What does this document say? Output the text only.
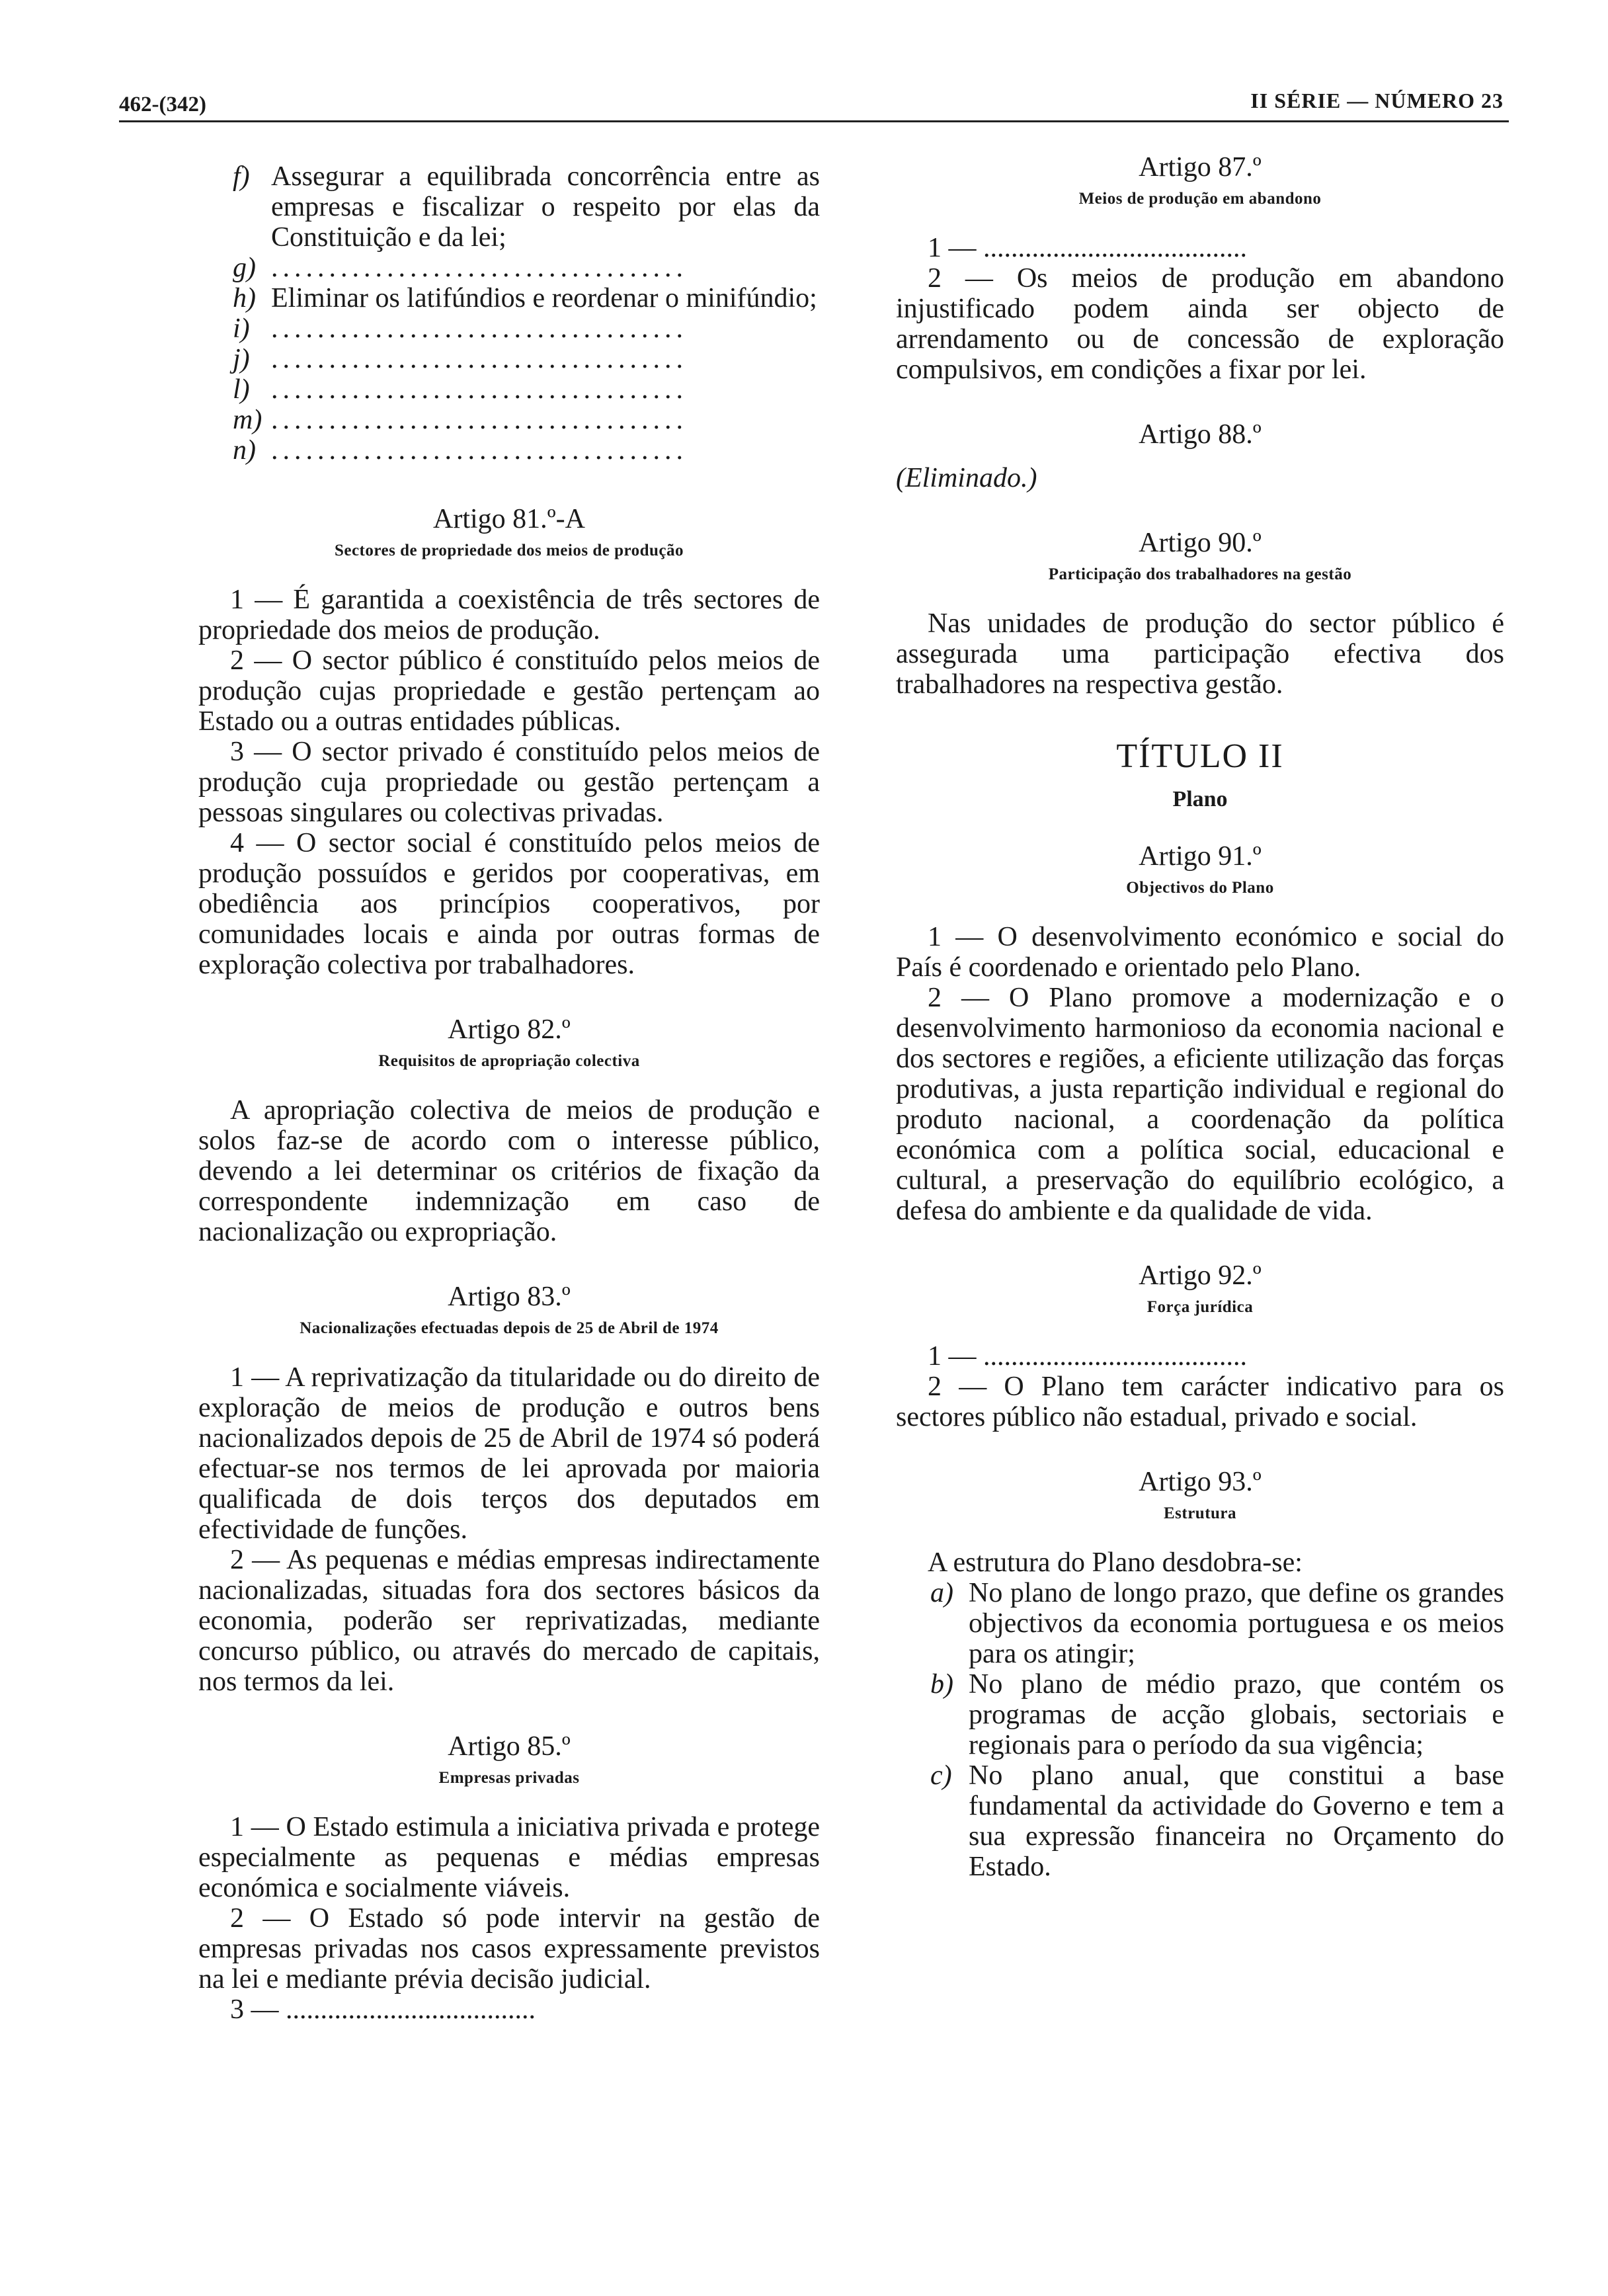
462-(342)	II SÉRIE — NÚMERO 23
f) Assegurar a equilibrada concorrência entre as empresas e fiscalizar o respeito por elas da Constituição e da lei;
g) ....................................
h) Eliminar os latifúndios e reordenar o minifúndio;
i) ....................................
j) ....................................
l) ....................................
m) ....................................
n) ....................................

Artigo 81.º-A

Sectores de propriedade dos meios de produção

1 — É garantida a coexistência de três sectores de propriedade dos meios de produção.

2 — O sector público é constituído pelos meios de produção cujas propriedade e gestão pertençam ao Estado ou a outras entidades públicas.

3 — O sector privado é constituído pelos meios de produção cuja propriedade ou gestão pertençam a pessoas singulares ou colectivas privadas.

4 — O sector social é constituído pelos meios de produção possuídos e geridos por cooperativas, em obediência aos princípios cooperativos, por comunidades locais e ainda por outras formas de exploração colectiva por trabalhadores.

Artigo 82.º

Requisitos de apropriação colectiva

A apropriação colectiva de meios de produção e solos faz-se de acordo com o interesse público, devendo a lei determinar os critérios de fixação da correspondente indemnização em caso de nacionalização ou expropriação.

Artigo 83.º

Nacionalizações efectuadas depois de 25 de Abril de 1974

1 — A reprivatização da titularidade ou do direito de exploração de meios de produção e outros bens nacionalizados depois de 25 de Abril de 1974 só poderá efectuar-se nos termos de lei aprovada por maioria qualificada de dois terços dos deputados em efectividade de funções.

2 — As pequenas e médias empresas indirectamente nacionalizadas, situadas fora dos sectores básicos da economia, poderão ser reprivatizadas, mediante concurso público, ou através do mercado de capitais, nos termos da lei.

Artigo 85.º

Empresas privadas

1 — O Estado estimula a iniciativa privada e protege especialmente as pequenas e médias empresas económica e socialmente viáveis.

2 — O Estado só pode intervir na gestão de empresas privadas nos casos expressamente previstos na lei e mediante prévia decisão judicial.

3 — ....................................

Artigo 87.º

Meios de produção em abandono

1 — ......................................

2 — Os meios de produção em abandono injustificado podem ainda ser objecto de arrendamento ou de concessão de exploração compulsivos, em condições a fixar por lei.

Artigo 88.º

(Eliminado.)

Artigo 90.º

Participação dos trabalhadores na gestão

Nas unidades de produção do sector público é assegurada uma participação efectiva dos trabalhadores na respectiva gestão.

TÍTULO II
Plano

Artigo 91.º

Objectivos do Plano

1 — O desenvolvimento económico e social do País é coordenado e orientado pelo Plano.

2 — O Plano promove a modernização e o desenvolvimento harmonioso da economia nacional e dos sectores e regiões, a eficiente utilização das forças produtivas, a justa repartição individual e regional do produto nacional, a coordenação da política económica com a política social, educacional e cultural, a preservação do equilíbrio ecológico, a defesa do ambiente e da qualidade de vida.

Artigo 92.º

Força jurídica

1 — ......................................

2 — O Plano tem carácter indicativo para os sectores público não estadual, privado e social.

Artigo 93.º

Estrutura

A estrutura do Plano desdobra-se:

a) No plano de longo prazo, que define os grandes objectivos da economia portuguesa e os meios para os atingir;
b) No plano de médio prazo, que contém os programas de acção globais, sectoriais e regionais para o período da sua vigência;
c) No plano anual, que constitui a base fundamental da actividade do Governo e tem a sua expressão financeira no Orçamento do Estado.
